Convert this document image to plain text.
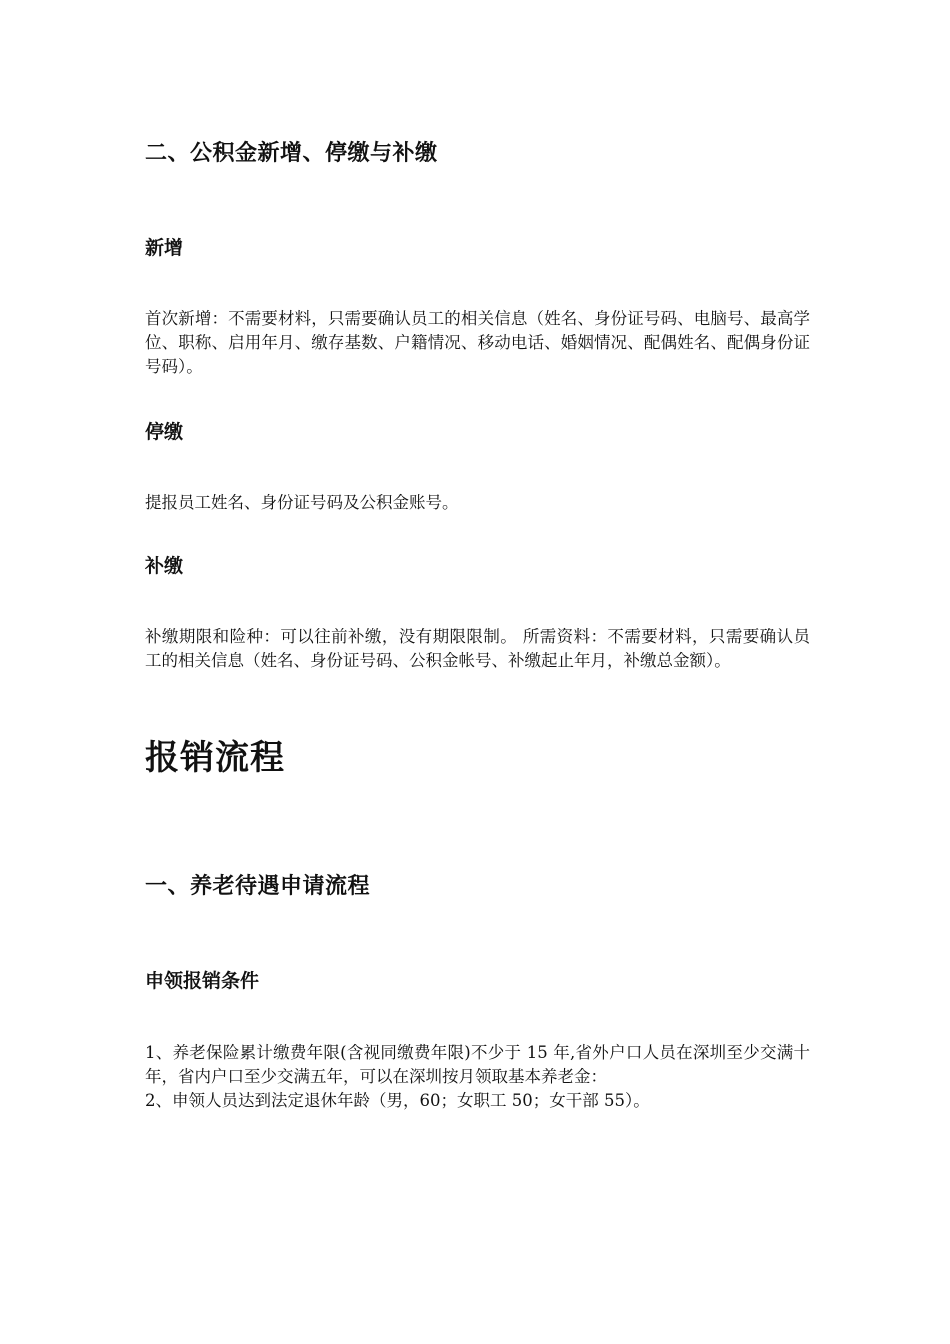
二、公积金新增、停缴与补缴
新增

首次新增：不需要材料，只需要确认员工的相关信息（姓名、身份证号码、电脑号、最高学位、职称、启用年月、缴存基数、户籍情况、移动电话、婚姻情况、配偶姓名、配偶身份证号码）。

停缴

提报员工姓名、身份证号码及公积金账号。

补缴

补缴期限和险种：可以往前补缴，没有期限限制。 所需资料：不需要材料，只需要确认员工的相关信息（姓名、身份证号码、公积金帐号、补缴起止年月，补缴总金额）。

报销流程
一、养老待遇申请流程
申领报销条件

1、养老保险累计缴费年限(含视同缴费年限)不少于 15 年,省外户口人员在深圳至少交满十年，省内户口至少交满五年，可以在深圳按月领取基本养老金：

2、申领人员达到法定退休年龄（男，60；女职工 50；女干部 55）。
